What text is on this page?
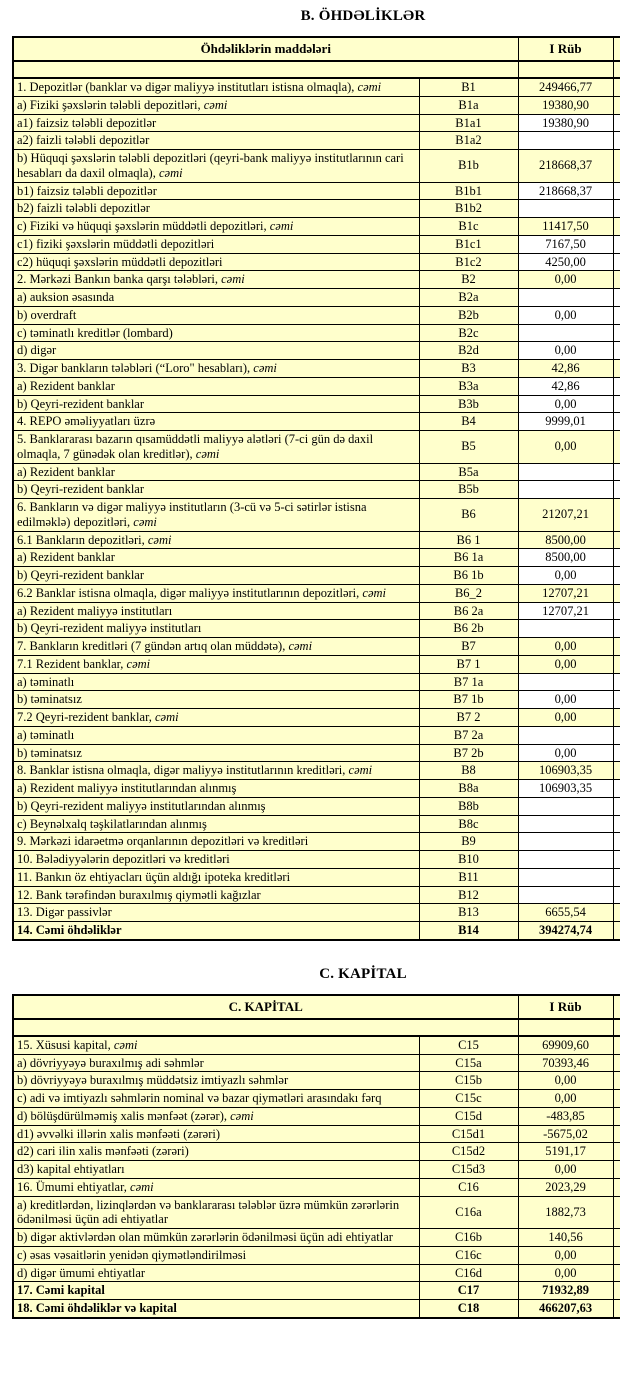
B. ÖHDƏLİKLƏR
Öhdəliklərin maddələri		I Rüb	

1. Depozitlər (banklar və digər maliyyə institutları istisna olmaqla), cəmi	B1	249466,77	
a) Fiziki şəxslərin tələbli depozitləri, cəmi	B1a	19380,90	
a1) faizsiz tələbli depozitlər	B1a1	19380,90	
a2) faizli tələbli depozitlər	B1a2		
b) Hüquqi şəxslərin tələbli depozitləri (qeyri-bank maliyyə institutlarının cari hesabları da daxil olmaqla), cəmi	B1b	218668,37	
b1) faizsiz tələbli depozitlər	B1b1	218668,37	
b2) faizli tələbli depozitlər	B1b2		
c) Fiziki və hüquqi şəxslərin müddətli depozitləri, cəmi	B1c	11417,50	
c1) fiziki şəxslərin müddətli depozitləri	B1c1	7167,50	
c2) hüquqi şəxslərin müddətli depozitləri	B1c2	4250,00	
2. Mərkəzi Bankın banka qarşı tələbləri, cəmi	B2	0,00	
a) auksion əsasında	B2a		
b) overdraft	B2b	0,00	
c) təminatlı kreditlər (lombard)	B2c		
d) digər	B2d	0,00	
3. Digər bankların tələbləri (“Loro" hesabları), cəmi	B3	42,86	
a) Rezident banklar	B3a	42,86	
b) Qeyri-rezident banklar	B3b	0,00	
4. REPO əməliyyatları üzrə	B4	9999,01	
5. Banklararası bazarın qısamüddətli maliyyə alətləri (7-ci gün də daxil olmaqla, 7 günədək olan kreditlər), cəmi	B5	0,00	
a) Rezident banklar	B5a		
b) Qeyri-rezident banklar	B5b		
6. Bankların və digər maliyyə institutların (3-cü və 5-ci sətirlər istisna edilməklə) depozitləri, cəmi	B6	21207,21	
6.1 Bankların depozitləri, cəmi	B6 1	8500,00	
a) Rezident banklar	B6 1a	8500,00	
b) Qeyri-rezident banklar	B6 1b	0,00	
6.2 Banklar istisna olmaqla, digər maliyyə institutlarının depozitləri, cəmi	B6_2	12707,21	
a) Rezident maliyyə institutları	B6 2a	12707,21	
b) Qeyri-rezident maliyyə institutları	B6 2b		
7. Bankların kreditləri (7 gündən artıq olan müddətə), cəmi	B7	0,00	
7.1 Rezident banklar, cəmi	B7 1	0,00	
a) təminatlı	B7 1a		
b) təminatsız	B7 1b	0,00	
7.2 Qeyri-rezident banklar, cəmi	B7 2	0,00	
a) təminatlı	B7 2a		
b) təminatsız	B7 2b	0,00	
8. Banklar istisna olmaqla, digər maliyyə institutlarının kreditləri, cəmi	B8	106903,35	
a) Rezident maliyyə institutlarından alınmış	B8a	106903,35	
b) Qeyri-rezident maliyyə institutlarından alınmış	B8b		
c) Beynəlxalq təşkilatlarından alınmış	B8c		
9. Mərkəzi idarəetmə orqanlarının depozitləri və kreditləri	B9		
10. Bələdiyyələrin depozitləri və kreditləri	B10		
11. Bankın öz ehtiyacları üçün aldığı ipoteka kreditləri	B11		
12. Bank tərəfindən buraxılmış qiymətli kağızlar	B12		
13. Digər passivlər	B13	6655,54	
14. Cəmi öhdəliklər	B14	394274,74	
C. KAPİTAL
C. KAPİTAL		I Rüb	

15. Xüsusi kapital, cəmi	C15	69909,60	
a) dövriyyəyə buraxılmış adi səhmlər	C15a	70393,46	
b) dövriyyəyə buraxılmış müddətsiz imtiyazlı səhmlər	C15b	0,00	
c) adi və imtiyazlı səhmlərin nominal və bazar qiymətləri arasındakı fərq	C15c	0,00	
d) bölüşdürülməmiş xalis mənfəət (zərər), cəmi	C15d	-483,85	
d1) əvvəlki illərin xalis mənfəəti (zərəri)	C15d1	-5675,02	
d2) cari ilin xalis mənfəəti (zərəri)	C15d2	5191,17	
d3) kapital ehtiyatları	C15d3	0,00	
16. Ümumi ehtiyatlar, cəmi	C16	2023,29	
a) kreditlərdən, lizinqlərdən və banklararası tələblər üzrə mümkün zərərlərin ödənilməsi üçün adi ehtiyatlar	C16a	1882,73	
b) digər aktivlərdən olan mümkün zərərlərin ödənilməsi üçün adi ehtiyatlar	C16b	140,56	
c) əsas vəsaitlərin yenidən qiymətləndirilməsi	C16c	0,00	
d) digər ümumi ehtiyatlar	C16d	0,00	
17. Cəmi kapital	C17	71932,89	
18. Cəmi öhdəliklər və kapital	C18	466207,63	
